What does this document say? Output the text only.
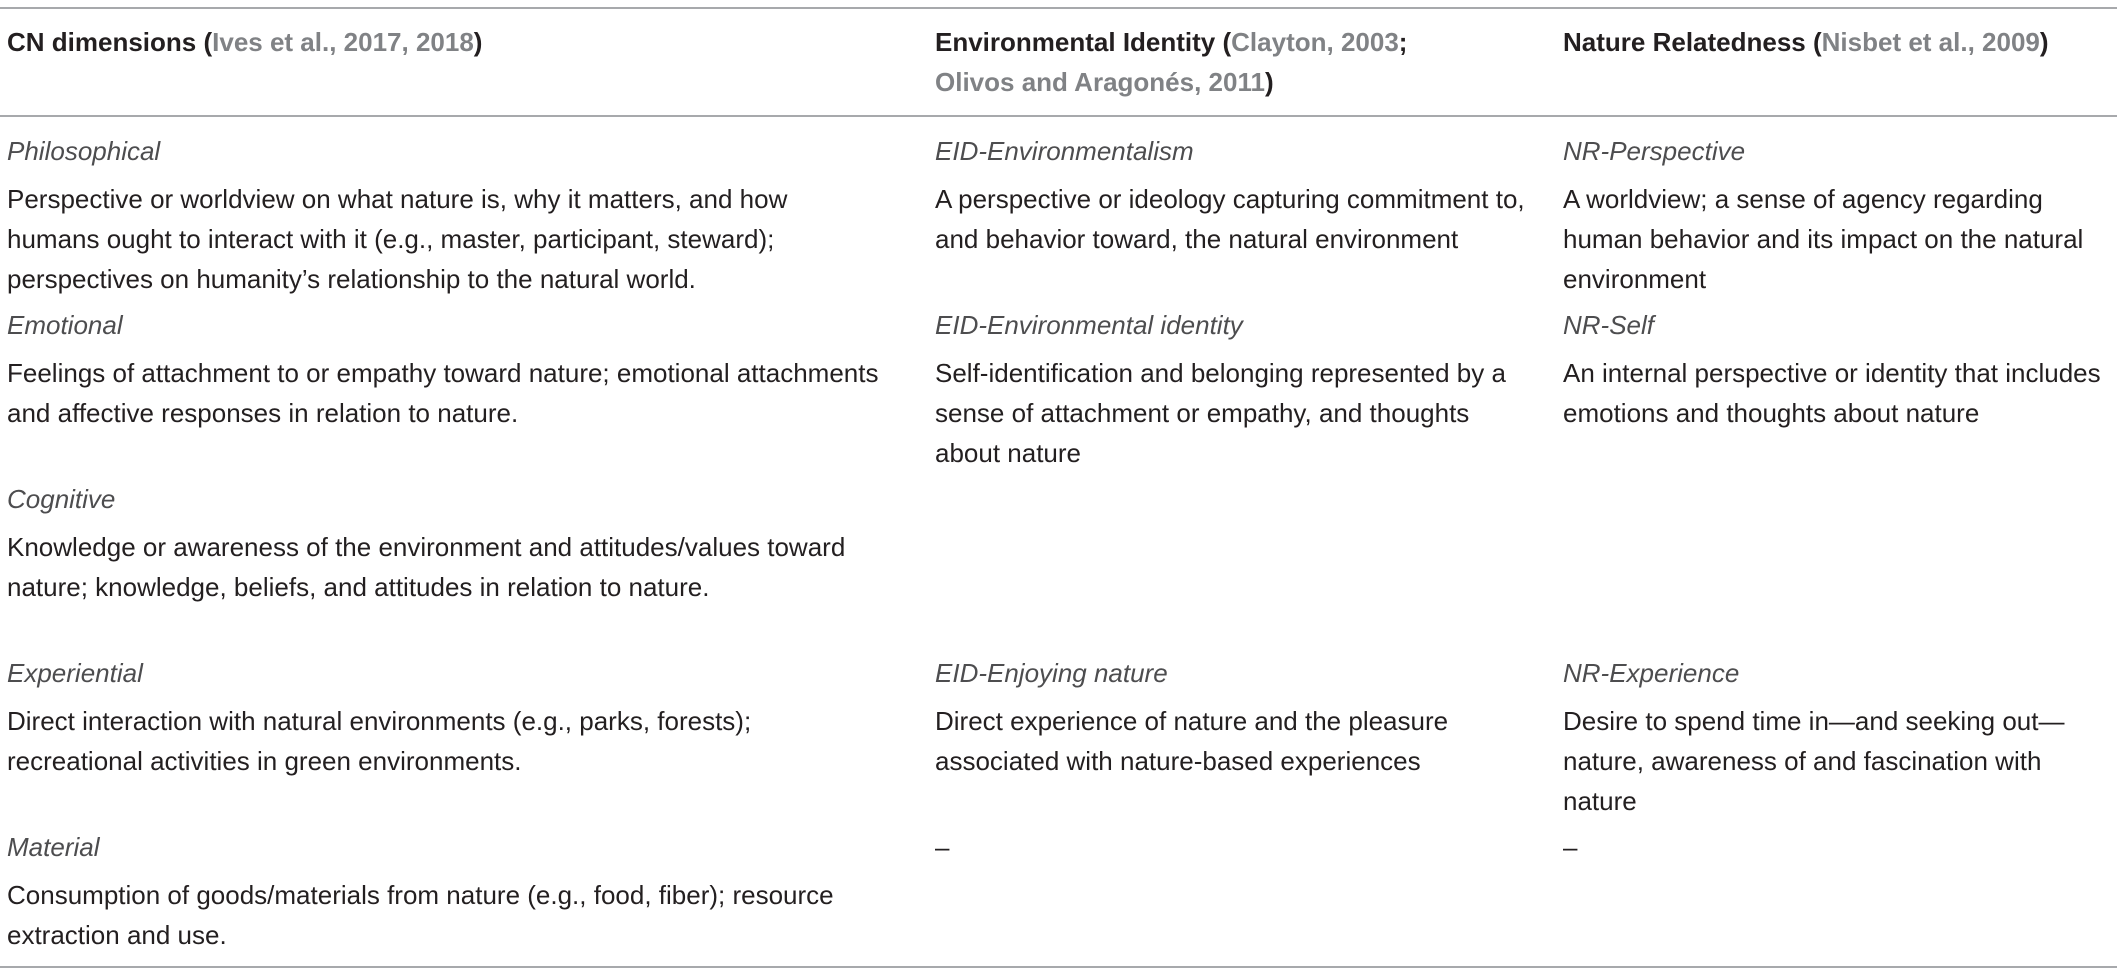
CN dimensions (Ives et al., 2017, 2018)	Environmental Identity (Clayton, 2003;
Olivos and Aragonés, 2011)
Nature Relatedness (Nisbet et al., 2009)
Philosophical
Perspective or worldview on what nature is, why it matters, and how humans ought to interact with it (e.g., master, participant, steward); perspectives on humanity’s relationship to the natural world.
EID-Environmentalism
A perspective or ideology capturing commitment to, and behavior toward, the natural environment
NR-Perspective
A worldview; a sense of agency regarding human behavior and its impact on the natural environment
Emotional
Feelings of attachment to or empathy toward nature; emotional attachments and affective responses in relation to nature.
EID-Environmental identity
Self-identification and belonging represented by a sense of attachment or empathy, and thoughts about nature
NR-Self
An internal perspective or identity that includes emotions and thoughts about nature
Cognitive
Knowledge or awareness of the environment and attitudes/values toward nature; knowledge, beliefs, and attitudes in relation to nature.
Experiential
Direct interaction with natural environments (e.g., parks, forests); recreational activities in green environments.
EID-Enjoying nature
Direct experience of nature and the pleasure associated with nature-based experiences
NR-Experience
Desire to spend time in—and seeking out—nature, awareness of and fascination with nature
Material
Consumption of goods/materials from nature (e.g., food, fiber); resource extraction and use.
–	–
